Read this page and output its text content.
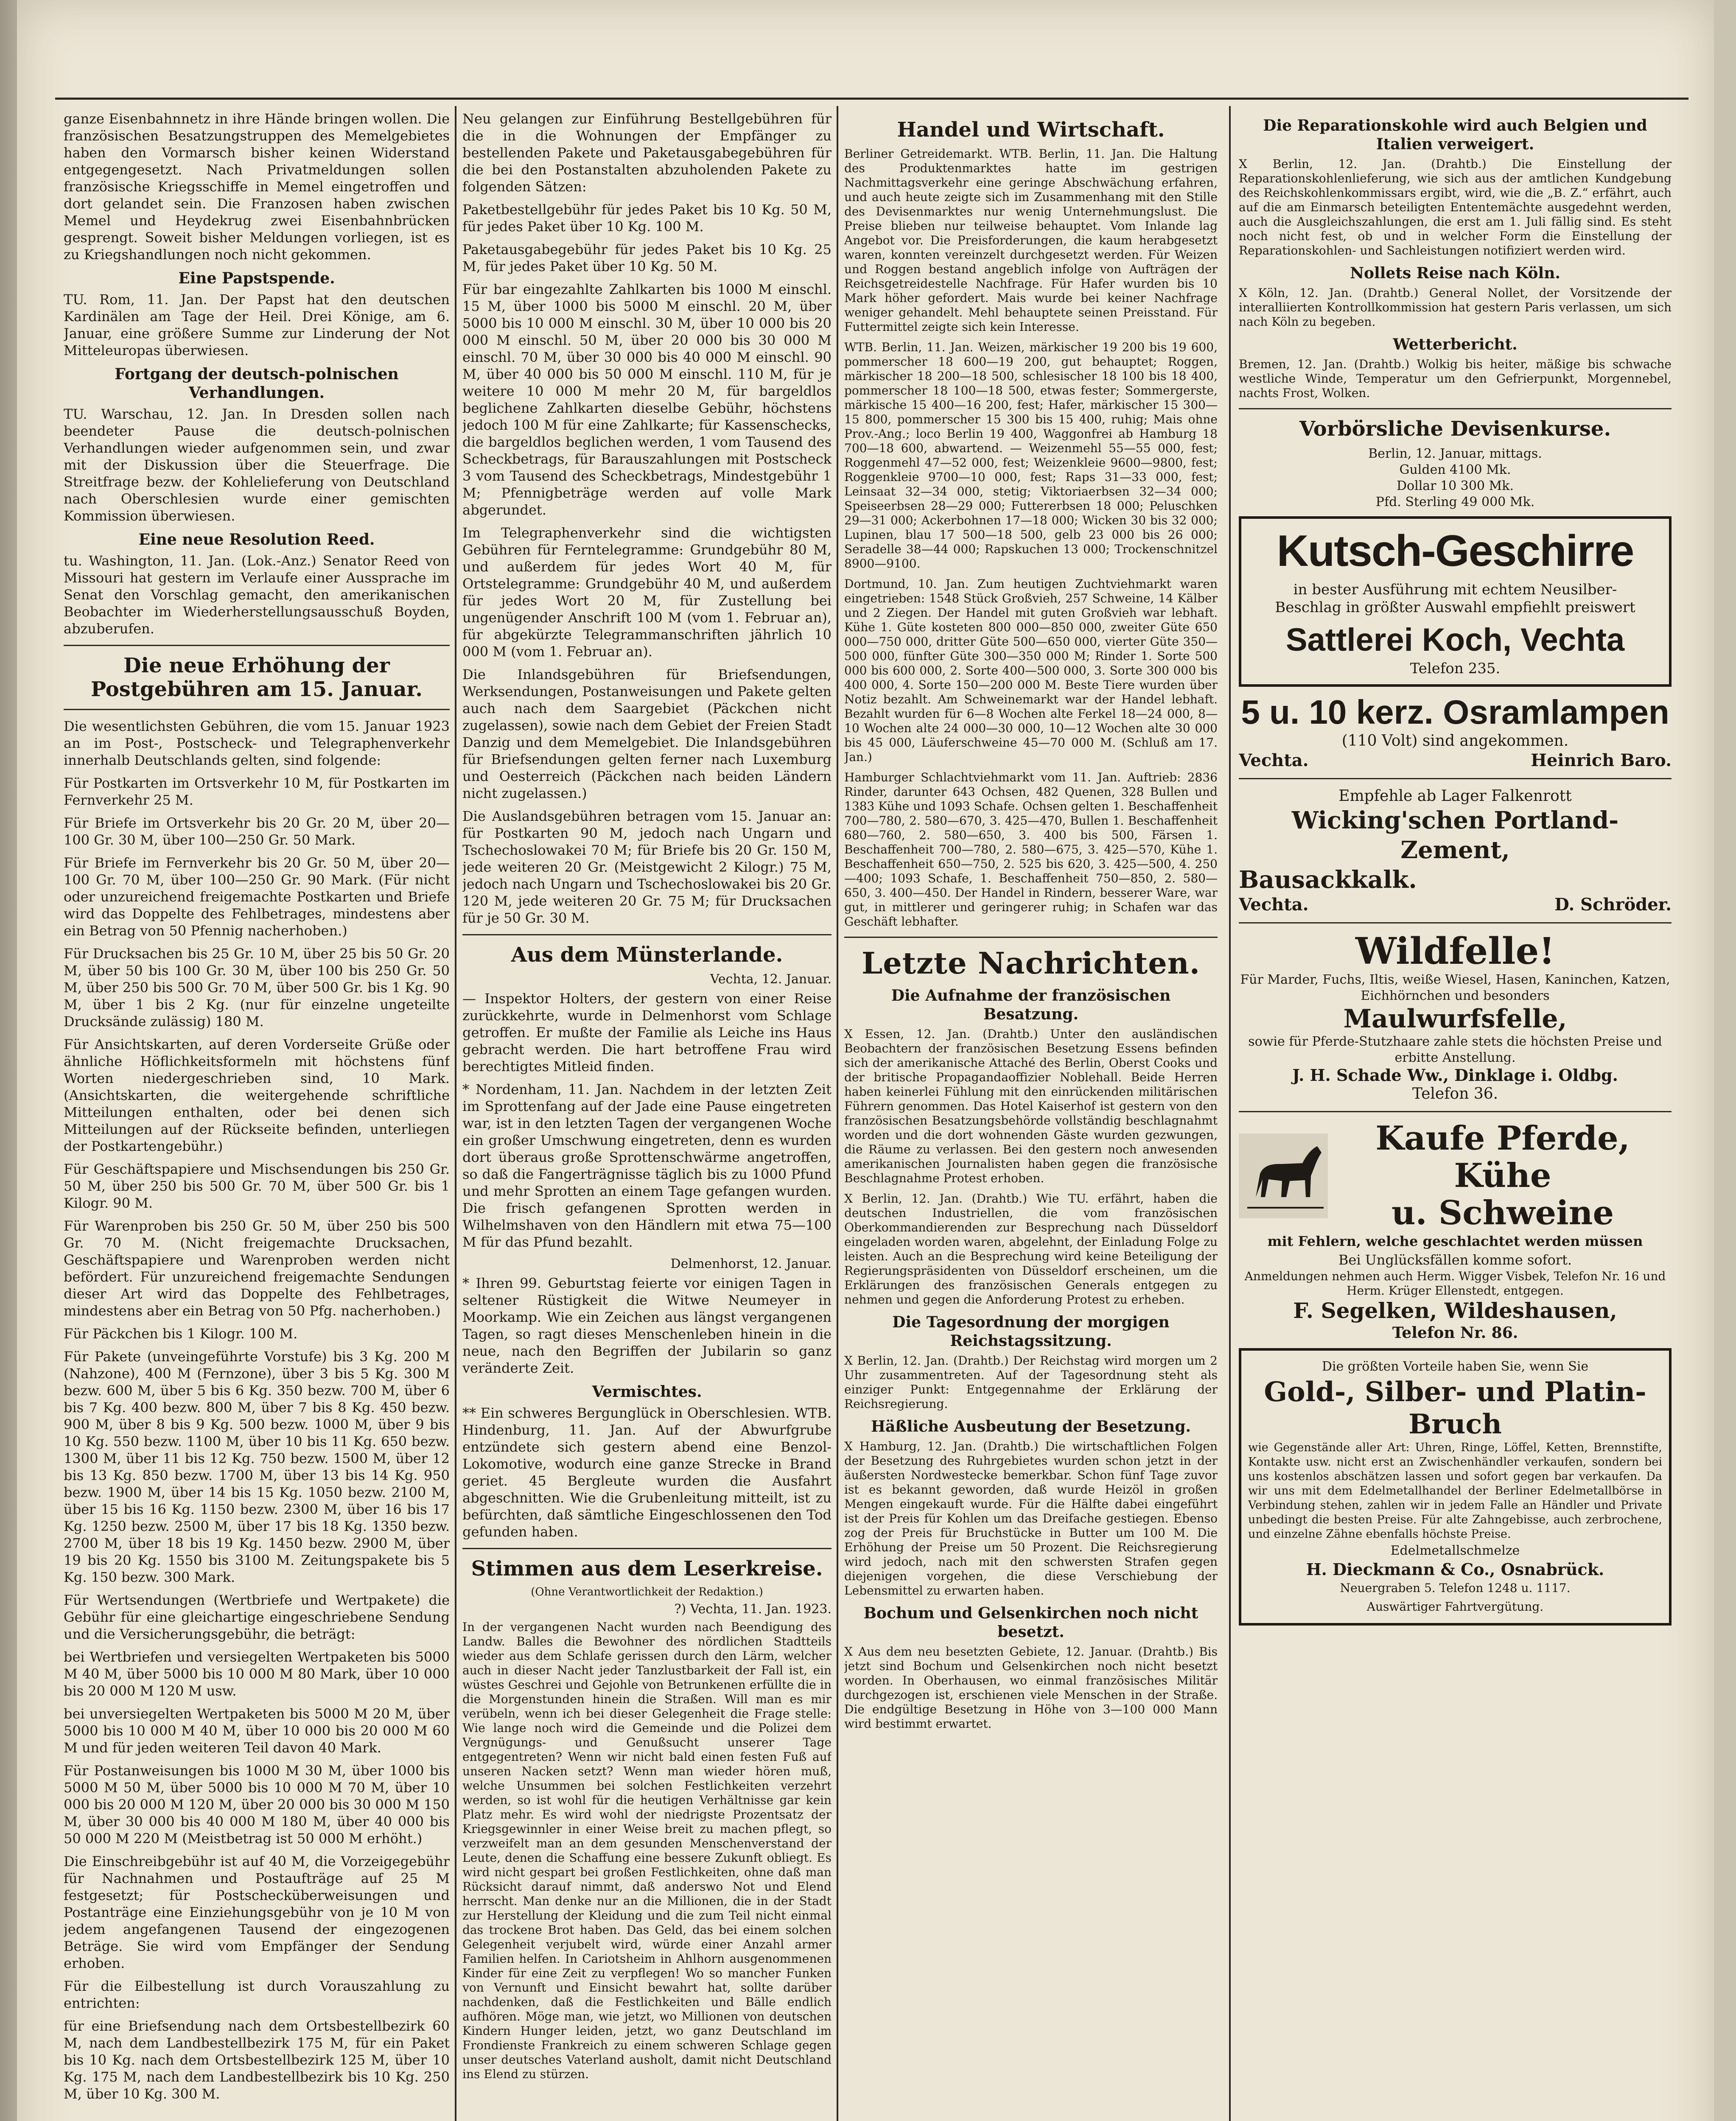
ganze Eisenbahnnetz in ihre Hände bringen wollen. Die französischen Besatzungstruppen des Memelgebietes haben den Vormarsch bisher keinen Widerstand entgegengesetzt. Nach Privatmeldungen sollen französische Kriegsschiffe in Memel eingetroffen und dort gelandet sein. Die Franzosen haben zwischen Memel und Heydekrug zwei Eisenbahnbrücken gesprengt. Soweit bisher Meldungen vorliegen, ist es zu Kriegshandlungen noch nicht gekommen.

Eine Papstspende.

TU. Rom, 11. Jan. Der Papst hat den deutschen Kardinälen am Tage der Heil. Drei Könige, am 6. Januar, eine größere Summe zur Linderung der Not Mitteleuropas überwiesen.

Fortgang der deutsch-polnischen Verhandlungen.

TU. Warschau, 12. Jan. In Dresden sollen nach beendeter Pause die deutsch-polnischen Verhandlungen wieder aufgenommen sein, und zwar mit der Diskussion über die Steuerfrage. Die Streitfrage bezw. der Kohlelieferung von Deutschland nach Oberschlesien wurde einer gemischten Kommission überwiesen.

Eine neue Resolution Reed.

tu. Washington, 11. Jan. (Lok.-Anz.) Senator Reed von Missouri hat gestern im Verlaufe einer Aussprache im Senat den Vorschlag gemacht, den amerikanischen Beobachter im Wiederherstellungsausschuß Boyden, abzuberufen.

Die neue Erhöhung der Postgebühren am 15. Januar.

Die wesentlichsten Gebühren, die vom 15. Januar 1923 an im Post-, Postscheck- und Telegraphenverkehr innerhalb Deutschlands gelten, sind folgende:

Für Postkarten im Ortsverkehr 10 M, für Postkarten im Fernverkehr 25 M.

Für Briefe im Ortsverkehr bis 20 Gr. 20 M, über 20—100 Gr. 30 M, über 100—250 Gr. 50 Mark.

Für Briefe im Fernverkehr bis 20 Gr. 50 M, über 20—100 Gr. 70 M, über 100—250 Gr. 90 Mark. (Für nicht oder unzureichend freigemachte Postkarten und Briefe wird das Doppelte des Fehlbetrages, mindestens aber ein Betrag von 50 Pfennig nacherhoben.)

Für Drucksachen bis 25 Gr. 10 M, über 25 bis 50 Gr. 20 M, über 50 bis 100 Gr. 30 M, über 100 bis 250 Gr. 50 M, über 250 bis 500 Gr. 70 M, über 500 Gr. bis 1 Kg. 90 M, über 1 bis 2 Kg. (nur für einzelne ungeteilte Drucksände zulässig) 180 M.

Für Ansichtskarten, auf deren Vorderseite Grüße oder ähnliche Höflichkeitsformeln mit höchstens fünf Worten niedergeschrieben sind, 10 Mark. (Ansichtskarten, die weitergehende schriftliche Mitteilungen enthalten, oder bei denen sich Mitteilungen auf der Rückseite befinden, unterliegen der Postkartengebühr.)

Für Geschäftspapiere und Mischsendungen bis 250 Gr. 50 M, über 250 bis 500 Gr. 70 M, über 500 Gr. bis 1 Kilogr. 90 M.

Für Warenproben bis 250 Gr. 50 M, über 250 bis 500 Gr. 70 M. (Nicht freigemachte Drucksachen, Geschäftspapiere und Warenproben werden nicht befördert. Für unzureichend freigemachte Sendungen dieser Art wird das Doppelte des Fehlbetrages, mindestens aber ein Betrag von 50 Pfg. nacherhoben.)

Für Päckchen bis 1 Kilogr. 100 M.

Für Pakete (unveingeführte Vorstufe) bis 3 Kg. 200 M (Nahzone), 400 M (Fernzone), über 3 bis 5 Kg. 300 M bezw. 600 M, über 5 bis 6 Kg. 350 bezw. 700 M, über 6 bis 7 Kg. 400 bezw. 800 M, über 7 bis 8 Kg. 450 bezw. 900 M, über 8 bis 9 Kg. 500 bezw. 1000 M, über 9 bis 10 Kg. 550 bezw. 1100 M, über 10 bis 11 Kg. 650 bezw. 1300 M, über 11 bis 12 Kg. 750 bezw. 1500 M, über 12 bis 13 Kg. 850 bezw. 1700 M, über 13 bis 14 Kg. 950 bezw. 1900 M, über 14 bis 15 Kg. 1050 bezw. 2100 M, über 15 bis 16 Kg. 1150 bezw. 2300 M, über 16 bis 17 Kg. 1250 bezw. 2500 M, über 17 bis 18 Kg. 1350 bezw. 2700 M, über 18 bis 19 Kg. 1450 bezw. 2900 M, über 19 bis 20 Kg. 1550 bis 3100 M. Zeitungspakete bis 5 Kg. 150 bezw. 300 Mark.

Für Wertsendungen (Wertbriefe und Wertpakete) die Gebühr für eine gleichartige eingeschriebene Sendung und die Versicherungsgebühr, die beträgt:

bei Wertbriefen und versiegelten Wertpaketen bis 5000 M 40 M, über 5000 bis 10 000 M 80 Mark, über 10 000 bis 20 000 M 120 M usw.

bei unversiegelten Wertpaketen bis 5000 M 20 M, über 5000 bis 10 000 M 40 M, über 10 000 bis 20 000 M 60 M und für jeden weiteren Teil davon 40 Mark.

Für Postanweisungen bis 1000 M 30 M, über 1000 bis 5000 M 50 M, über 5000 bis 10 000 M 70 M, über 10 000 bis 20 000 M 120 M, über 20 000 bis 30 000 M 150 M, über 30 000 bis 40 000 M 180 M, über 40 000 bis 50 000 M 220 M (Meistbetrag ist 50 000 M erhöht.)

Die Einschreibgebühr ist auf 40 M, die Vorzeigegebühr für Nachnahmen und Postaufträge auf 25 M festgesetzt; für Postschecküberweisungen und Postanträge eine Einziehungsgebühr von je 10 M von jedem angefangenen Tausend der eingezogenen Beträge. Sie wird vom Empfänger der Sendung erhoben.

Für die Eilbestellung ist durch Vorauszahlung zu entrichten:

für eine Briefsendung nach dem Ortsbestellbezirk 60 M, nach dem Landbestellbezirk 175 M, für ein Paket bis 10 Kg. nach dem Ortsbestellbezirk 125 M, über 10 Kg. 175 M, nach dem Landbestellbezirk bis 10 Kg. 250 M, über 10 Kg. 300 M.

Neu gelangen zur Einführung Bestellgebühren für die in die Wohnungen der Empfänger zu bestellenden Pakete und Paketausgabegebühren für die bei den Postanstalten abzuholenden Pakete zu folgenden Sätzen:

Paketbestellgebühr für jedes Paket bis 10 Kg. 50 M, für jedes Paket über 10 Kg. 100 M.

Paketausgabegebühr für jedes Paket bis 10 Kg. 25 M, für jedes Paket über 10 Kg. 50 M.

Für bar eingezahlte Zahlkarten bis 1000 M einschl. 15 M, über 1000 bis 5000 M einschl. 20 M, über 5000 bis 10 000 M einschl. 30 M, über 10 000 bis 20 000 M einschl. 50 M, über 20 000 bis 30 000 M einschl. 70 M, über 30 000 bis 40 000 M einschl. 90 M, über 40 000 bis 50 000 M einschl. 110 M, für je weitere 10 000 M mehr 20 M, für bargeldlos beglichene Zahlkarten dieselbe Gebühr, höchstens jedoch 100 M für eine Zahlkarte; für Kassenschecks, die bargeldlos beglichen werden, 1 vom Tausend des Scheckbetrags, für Barauszahlungen mit Postscheck 3 vom Tausend des Scheckbetrags, Mindestgebühr 1 M; Pfennigbeträge werden auf volle Mark abgerundet.

Im Telegraphenverkehr sind die wichtigsten Gebühren für Ferntelegramme: Grundgebühr 80 M, und außerdem für jedes Wort 40 M, für Ortstelegramme: Grundgebühr 40 M, und außerdem für jedes Wort 20 M, für Zustellung bei ungenügender Anschrift 100 M (vom 1. Februar an), für abgekürzte Telegrammanschriften jährlich 10 000 M (vom 1. Februar an).

Die Inlandsgebühren für Briefsendungen, Werksendungen, Postanweisungen und Pakete gelten auch nach dem Saargebiet (Päckchen nicht zugelassen), sowie nach dem Gebiet der Freien Stadt Danzig und dem Memelgebiet. Die Inlandsgebühren für Briefsendungen gelten ferner nach Luxemburg und Oesterreich (Päckchen nach beiden Ländern nicht zugelassen.)

Die Auslandsgebühren betragen vom 15. Januar an: für Postkarten 90 M, jedoch nach Ungarn und Tschechoslowakei 70 M; für Briefe bis 20 Gr. 150 M, jede weiteren 20 Gr. (Meistgewicht 2 Kilogr.) 75 M, jedoch nach Ungarn und Tschechoslowakei bis 20 Gr. 120 M, jede weiteren 20 Gr. 75 M; für Drucksachen für je 50 Gr. 30 M.

Aus dem Münsterlande.
Vechta, 12. Januar.

— Inspektor Holters, der gestern von einer Reise zurückkehrte, wurde in Delmenhorst vom Schlage getroffen. Er mußte der Familie als Leiche ins Haus gebracht werden. Die hart betroffene Frau wird berechtigtes Mitleid finden.

* Nordenham, 11. Jan. Nachdem in der letzten Zeit im Sprottenfang auf der Jade eine Pause eingetreten war, ist in den letzten Tagen der vergangenen Woche ein großer Umschwung eingetreten, denn es wurden dort überaus große Sprottenschwärme angetroffen, so daß die Fangerträgnisse täglich bis zu 1000 Pfund und mehr Sprotten an einem Tage gefangen wurden. Die frisch gefangenen Sprotten werden in Wilhelmshaven von den Händlern mit etwa 75—100 M für das Pfund bezahlt.

Delmenhorst, 12. Januar.

* Ihren 99. Geburtstag feierte vor einigen Tagen in seltener Rüstigkeit die Witwe Neumeyer in Moorkamp. Wie ein Zeichen aus längst vergangenen Tagen, so ragt dieses Menschenleben hinein in die neue, nach den Begriffen der Jubilarin so ganz veränderte Zeit.

Vermischtes.

** Ein schweres Bergunglück in Oberschlesien. WTB. Hindenburg, 11. Jan. Auf der Abwurfgrube entzündete sich gestern abend eine Benzol-Lokomotive, wodurch eine ganze Strecke in Brand geriet. 45 Bergleute wurden die Ausfahrt abgeschnitten. Wie die Grubenleitung mitteilt, ist zu befürchten, daß sämtliche Eingeschlossenen den Tod gefunden haben.

Stimmen aus dem Leserkreise.
(Ohne Verantwortlichkeit der Redaktion.)
?) Vechta, 11. Jan. 1923.

In der vergangenen Nacht wurden nach Beendigung des Landw. Balles die Bewohner des nördlichen Stadtteils wieder aus dem Schlafe gerissen durch den Lärm, welcher auch in dieser Nacht jeder Tanzlustbarkeit der Fall ist, ein wüstes Geschrei und Gejohle von Betrunkenen erfüllte die in die Morgenstunden hinein die Straßen. Will man es mir verübeln, wenn ich bei dieser Gelegenheit die Frage stelle: Wie lange noch wird die Gemeinde und die Polizei dem Vergnügungs- und Genußsucht unserer Tage entgegentreten? Wenn wir nicht bald einen festen Fuß auf unseren Nacken setzt? Wenn man wieder hören muß, welche Unsummen bei solchen Festlichkeiten verzehrt werden, so ist wohl für die heutigen Verhältnisse gar kein Platz mehr. Es wird wohl der niedrigste Prozentsatz der Kriegsgewinnler in einer Weise breit zu machen pflegt, so verzweifelt man an dem gesunden Menschenverstand der Leute, denen die Schaffung eine bessere Zukunft obliegt. Es wird nicht gespart bei großen Festlichkeiten, ohne daß man Rücksicht darauf nimmt, daß anderswo Not und Elend herrscht. Man denke nur an die Millionen, die in der Stadt zur Herstellung der Kleidung und die zum Teil nicht einmal das trockene Brot haben. Das Geld, das bei einem solchen Gelegenheit verjubelt wird, würde einer Anzahl armer Familien helfen. In Cariotsheim in Ahlhorn ausgenommenen Kinder für eine Zeit zu verpflegen! Wo so mancher Funken von Vernunft und Einsicht bewahrt hat, sollte darüber nachdenken, daß die Festlichkeiten und Bälle endlich aufhören. Möge man, wie jetzt, wo Millionen von deutschen Kindern Hunger leiden, jetzt, wo ganz Deutschland im Frondienste Frankreich zu einem schweren Schlage gegen unser deutsches Vaterland ausholt, damit nicht Deutschland ins Elend zu stürzen.

Handel und Wirtschaft.

Berliner Getreidemarkt. WTB. Berlin, 11. Jan. Die Haltung des Produktenmarktes hatte im gestrigen Nachmittagsverkehr eine geringe Abschwächung erfahren, und auch heute zeigte sich im Zusammenhang mit den Stille des Devisenmarktes nur wenig Unternehmungslust. Die Preise blieben nur teilweise behauptet. Vom Inlande lag Angebot vor. Die Preisforderungen, die kaum herabgesetzt waren, konnten vereinzelt durchgesetzt werden. Für Weizen und Roggen bestand angeblich infolge von Aufträgen der Reichsgetreidestelle Nachfrage. Für Hafer wurden bis 10 Mark höher gefordert. Mais wurde bei keiner Nachfrage weniger gehandelt. Mehl behauptete seinen Preisstand. Für Futtermittel zeigte sich kein Interesse.

WTB. Berlin, 11. Jan. Weizen, märkischer 19 200 bis 19 600, pommerscher 18 600—19 200, gut behauptet; Roggen, märkischer 18 200—18 500, schlesischer 18 100 bis 18 400, pommerscher 18 100—18 500, etwas fester; Sommergerste, märkische 15 400—16 200, fest; Hafer, märkischer 15 300—15 800, pommerscher 15 300 bis 15 400, ruhig; Mais ohne Prov.-Ang.; loco Berlin 19 400, Waggonfrei ab Hamburg 18 700—18 600, abwartend. — Weizenmehl 55—55 000, fest; Roggenmehl 47—52 000, fest; Weizenkleie 9600—9800, fest; Roggenkleie 9700—10 000, fest; Raps 31—33 000, fest; Leinsaat 32—34 000, stetig; Viktoriaerbsen 32—34 000; Speiseerbsen 28—29 000; Futtererbsen 18 000; Peluschken 29—31 000; Ackerbohnen 17—18 000; Wicken 30 bis 32 000; Lupinen, blau 17 500—18 500, gelb 23 000 bis 26 000; Seradelle 38—44 000; Rapskuchen 13 000; Trockenschnitzel 8900—9100.

Dortmund, 10. Jan. Zum heutigen Zuchtviehmarkt waren eingetrieben: 1548 Stück Großvieh, 257 Schweine, 14 Kälber und 2 Ziegen. Der Handel mit guten Großvieh war lebhaft. Kühe 1. Güte kosteten 800 000—850 000, zweiter Güte 650 000—750 000, dritter Güte 500—650 000, vierter Güte 350—500 000, fünfter Güte 300—350 000 M; Rinder 1. Sorte 500 000 bis 600 000, 2. Sorte 400—500 000, 3. Sorte 300 000 bis 400 000, 4. Sorte 150—200 000 M. Beste Tiere wurden über Notiz bezahlt. Am Schweinemarkt war der Handel lebhaft. Bezahlt wurden für 6—8 Wochen alte Ferkel 18—24 000, 8—10 Wochen alte 24 000—30 000, 10—12 Wochen alte 30 000 bis 45 000, Läuferschweine 45—70 000 M. (Schluß am 17. Jan.)

Hamburger Schlachtviehmarkt vom 11. Jan. Auftrieb: 2836 Rinder, darunter 643 Ochsen, 482 Quenen, 328 Bullen und 1383 Kühe und 1093 Schafe. Ochsen gelten 1. Beschaffenheit 700—780, 2. 580—670, 3. 425—470, Bullen 1. Beschaffenheit 680—760, 2. 580—650, 3. 400 bis 500, Färsen 1. Beschaffenheit 700—780, 2. 580—675, 3. 425—570, Kühe 1. Beschaffenheit 650—750, 2. 525 bis 620, 3. 425—500, 4. 250—400; 1093 Schafe, 1. Beschaffenheit 750—850, 2. 580—650, 3. 400—450. Der Handel in Rindern, besserer Ware, war gut, in mittlerer und geringerer ruhig; in Schafen war das Geschäft lebhafter.

Letzte Nachrichten.
Die Aufnahme der französischen Besatzung.

X Essen, 12. Jan. (Drahtb.) Unter den ausländischen Beobachtern der französischen Besetzung Essens befinden sich der amerikanische Attaché des Berlin, Oberst Cooks und der britische Propagandaoffizier Noblehall. Beide Herren haben keinerlei Fühlung mit den einrückenden militärischen Führern genommen. Das Hotel Kaiserhof ist gestern von den französischen Besatzungsbehörde vollständig beschlagnahmt worden und die dort wohnenden Gäste wurden gezwungen, die Räume zu verlassen. Bei den gestern noch anwesenden amerikanischen Journalisten haben gegen die französische Beschlagnahme Protest erhoben.

X Berlin, 12. Jan. (Drahtb.) Wie TU. erfährt, haben die deutschen Industriellen, die vom französischen Oberkommandierenden zur Besprechung nach Düsseldorf eingeladen worden waren, abgelehnt, der Einladung Folge zu leisten. Auch an die Besprechung wird keine Beteiligung der Regierungspräsidenten von Düsseldorf erscheinen, um die Erklärungen des französischen Generals entgegen zu nehmen und gegen die Anforderung Protest zu erheben.

Die Tagesordnung der morgigen Reichstagssitzung.

X Berlin, 12. Jan. (Drahtb.) Der Reichstag wird morgen um 2 Uhr zusammentreten. Auf der Tagesordnung steht als einziger Punkt: Entgegennahme der Erklärung der Reichsregierung.

Häßliche Ausbeutung der Besetzung.

X Hamburg, 12. Jan. (Drahtb.) Die wirtschaftlichen Folgen der Besetzung des Ruhrgebietes wurden schon jetzt in der äußersten Nordwestecke bemerkbar. Schon fünf Tage zuvor ist es bekannt geworden, daß wurde Heizöl in großen Mengen eingekauft wurde. Für die Hälfte dabei eingeführt ist der Preis für Kohlen um das Dreifache gestiegen. Ebenso zog der Preis für Bruchstücke in Butter um 100 M. Die Erhöhung der Preise um 50 Prozent. Die Reichsregierung wird jedoch, nach mit den schwersten Strafen gegen diejenigen vorgehen, die diese Verschiebung der Lebensmittel zu erwarten haben.

Bochum und Gelsenkirchen noch nicht besetzt.

X Aus dem neu besetzten Gebiete, 12. Januar. (Drahtb.) Bis jetzt sind Bochum und Gelsenkirchen noch nicht besetzt worden. In Oberhausen, wo einmal französisches Militär durchgezogen ist, erschienen viele Menschen in der Straße. Die endgültige Besetzung in Höhe von 3—100 000 Mann wird bestimmt erwartet.

Die Reparationskohle wird auch Belgien und Italien verweigert.

X Berlin, 12. Jan. (Drahtb.) Die Einstellung der Reparationskohlenlieferung, wie sich aus der amtlichen Kundgebung des Reichskohlenkommissars ergibt, wird, wie die „B. Z.“ erfährt, auch auf die am Einmarsch beteiligten Ententemächte ausgedehnt werden, auch die Ausgleichszahlungen, die erst am 1. Juli fällig sind. Es steht noch nicht fest, ob und in welcher Form die Einstellung der Reparationskohlen- und Sachleistungen notifiziert werden wird.

Nollets Reise nach Köln.

X Köln, 12. Jan. (Drahtb.) General Nollet, der Vorsitzende der interalliierten Kontrollkommission hat gestern Paris verlassen, um sich nach Köln zu begeben.

Wetterbericht.

Bremen, 12. Jan. (Drahtb.) Wolkig bis heiter, mäßige bis schwache westliche Winde, Temperatur um den Gefrierpunkt, Morgennebel, nachts Frost, Wolken.

Vorbörsliche Devisenkurse.
Berlin, 12. Januar, mittags.
Gulden 4100 Mk.
Dollar 10 300 Mk.
Pfd. Sterling 49 000 Mk.
Kutsch-Geschirre
in bester Ausführung mit echtem Neusilber-Beschlag in größter Auswahl empfiehlt preiswert
Sattlerei Koch, Vechta
Telefon 235.
5 u. 10 kerz. Osramlampen
(110 Volt) sind angekommen.
Vechta.	Heinrich Baro.
Empfehle ab Lager Falkenrott
Wicking'schen Portland-Zement,
Bausackkalk.
Vechta.	D. Schröder.
Wildfelle!
Für Marder, Fuchs, Iltis, weiße Wiesel, Hasen, Kaninchen, Katzen, Eichhörnchen und besonders
Maulwurfsfelle,
sowie für Pferde-Stutzhaare zahle stets die höchsten Preise und erbitte Anstellung.
J. H. Schade Ww., Dinklage i. Oldbg.
Telefon 36.
Kaufe Pferde,
Kühe
u. Schweine
mit Fehlern, welche geschlachtet werden müssen
Bei Unglücksfällen komme sofort.
Anmeldungen nehmen auch Herm. Wigger Visbek, Telefon Nr. 16 und Herm. Krüger Ellenstedt, entgegen.
F. Segelken, Wildeshausen,
Telefon Nr. 86.
Die größten Vorteile haben Sie, wenn Sie
Gold-, Silber- und Platin-Bruch
wie Gegenstände aller Art: Uhren, Ringe, Löffel, Ketten, Brennstifte, Kontakte usw. nicht erst an Zwischenhändler verkaufen, sondern bei uns kostenlos abschätzen lassen und sofort gegen bar verkaufen. Da wir uns mit dem Edelmetallhandel der Berliner Edelmetallbörse in Verbindung stehen, zahlen wir in jedem Falle an Händler und Private unbedingt die besten Preise. Für alte Zahngebisse, auch zerbrochene, und einzelne Zähne ebenfalls höchste Preise.
Edelmetallschmelze
H. Dieckmann & Co., Osnabrück.
Neuergraben 5. Telefon 1248 u. 1117.
Auswärtiger Fahrtvergütung.
